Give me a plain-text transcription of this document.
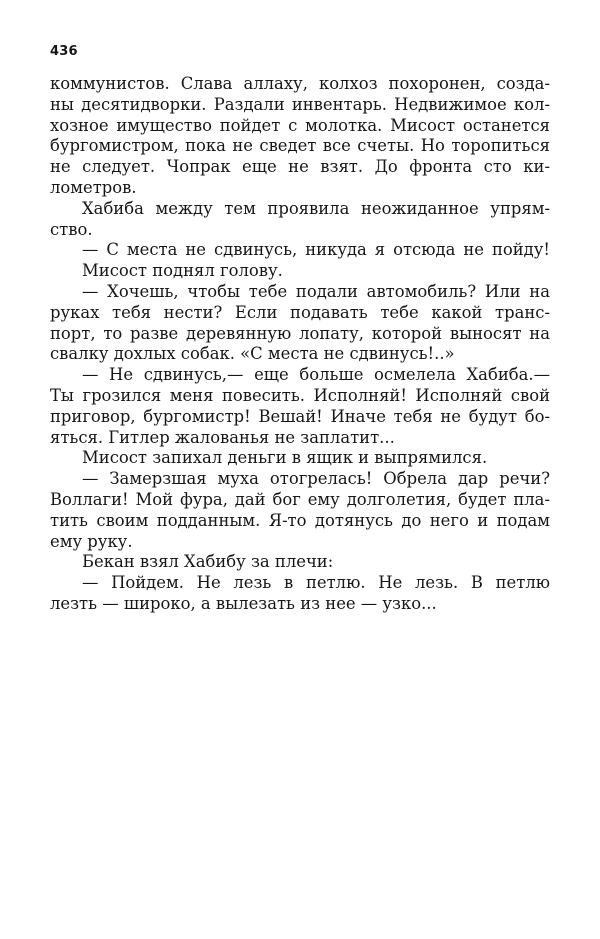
436
коммунистов. Слава аллаху, колхоз похоронен, созда-
ны десятидворки. Раздали инвентарь. Недвижимое кол-
хозное имущество пойдет с молотка. Мисост останется
бургомистром, пока не сведет все счеты. Но торопиться
не следует. Чопрак еще не взят. До фронта сто ки-
лометров.
Хабиба между тем проявила неожиданное упрям-
ство.
— С места не сдвинусь, никуда я отсюда не пойду!
Мисост поднял голову.
— Хочешь, чтобы тебе подали автомобиль? Или на
руках тебя нести? Если подавать тебе какой транс-
порт, то разве деревянную лопату, которой выносят на
свалку дохлых собак. «С места не сдвинусь!..»
— Не сдвинусь,— еще больше осмелела Хабиба.—
Ты грозился меня повесить. Исполняй! Исполняй свой
приговор, бургомистр! Вешай! Иначе тебя не будут бо-
яться. Гитлер жалованья не заплатит...
Мисост запихал деньги в ящик и выпрямился.
— Замерзшая муха отогрелась! Обрела дар речи?
Воллаги! Мой фура, дай бог ему долголетия, будет пла-
тить своим подданным. Я-то дотянусь до него и подам
ему руку.
Бекан взял Хабибу за плечи:
— Пойдем. Не лезь в петлю. Не лезь. В петлю
лезть — широко, а вылезать из нее — узко...
